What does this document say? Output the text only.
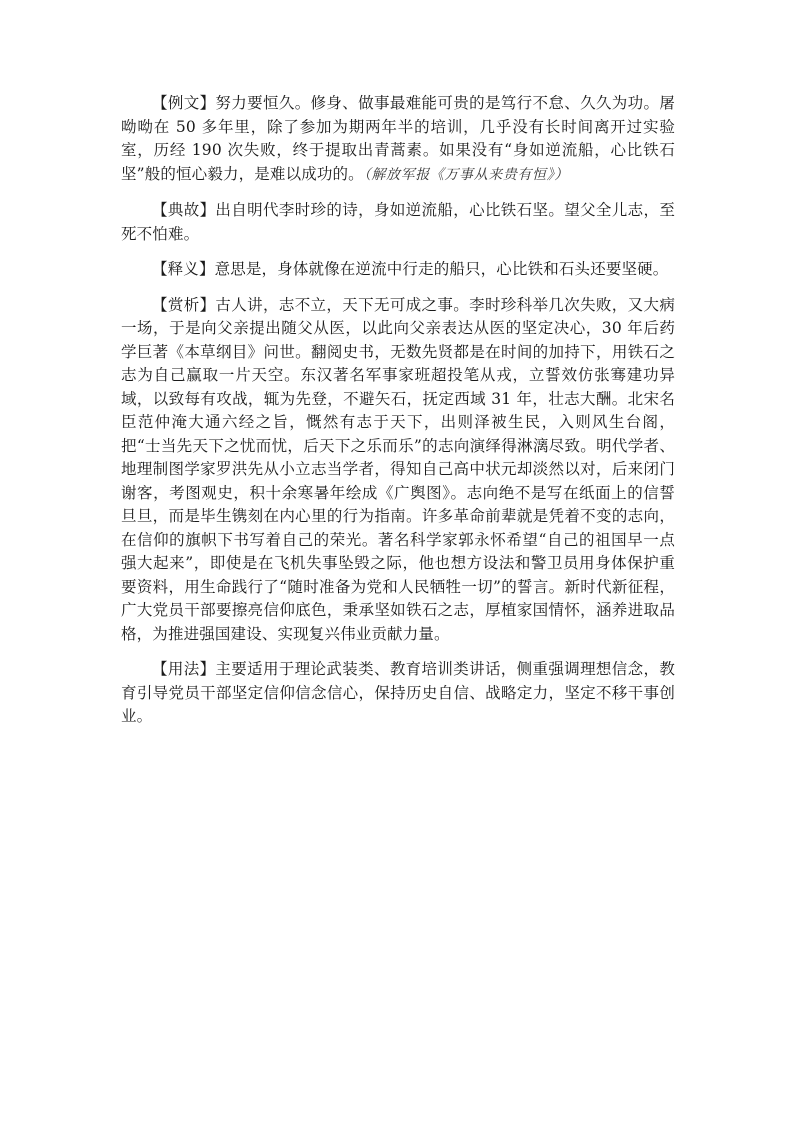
【例文】努力要恒久。修身、做事最难能可贵的是笃行不怠、久久为功。屠呦呦在 50 多年里，除了参加为期两年半的培训，几乎没有长时间离开过实验室，历经 190 次失败，终于提取出青蒿素。如果没有“身如逆流船，心比铁石坚”般的恒心毅力，是难以成功的。（解放军报《万事从来贵有恒》）

【典故】出自明代李时珍的诗，身如逆流船，心比铁石坚。望父全儿志，至死不怕难。

【释义】意思是，身体就像在逆流中行走的船只，心比铁和石头还要坚硬。

【赏析】古人讲，志不立，天下无可成之事。李时珍科举几次失败，又大病一场，于是向父亲提出随父从医，以此向父亲表达从医的坚定决心，30 年后药学巨著《本草纲目》问世。翻阅史书，无数先贤都是在时间的加持下，用铁石之志为自己赢取一片天空。东汉著名军事家班超投笔从戎，立誓效仿张骞建功异域，以致每有攻战，辄为先登，不避矢石，抚定西域 31 年，壮志大酬。北宋名臣范仲淹大通六经之旨，慨然有志于天下，出则泽被生民，入则风生台阁，把“士当先天下之忧而忧，后天下之乐而乐”的志向演绎得淋漓尽致。明代学者、地理制图学家罗洪先从小立志当学者，得知自己高中状元却淡然以对，后来闭门谢客，考图观史，积十余寒暑年绘成《广舆图》。志向绝不是写在纸面上的信誓旦旦，而是毕生镌刻在内心里的行为指南。许多革命前辈就是凭着不变的志向，在信仰的旗帜下书写着自己的荣光。著名科学家郭永怀希望“自己的祖国早一点强大起来”，即使是在飞机失事坠毁之际，他也想方设法和警卫员用身体保护重要资料，用生命践行了“随时准备为党和人民牺牲一切”的誓言。新时代新征程，广大党员干部要擦亮信仰底色，秉承坚如铁石之志，厚植家国情怀，涵养进取品格，为推进强国建设、实现复兴伟业贡献力量。

【用法】主要适用于理论武装类、教育培训类讲话，侧重强调理想信念，教育引导党员干部坚定信仰信念信心，保持历史自信、战略定力，坚定不移干事创业。
